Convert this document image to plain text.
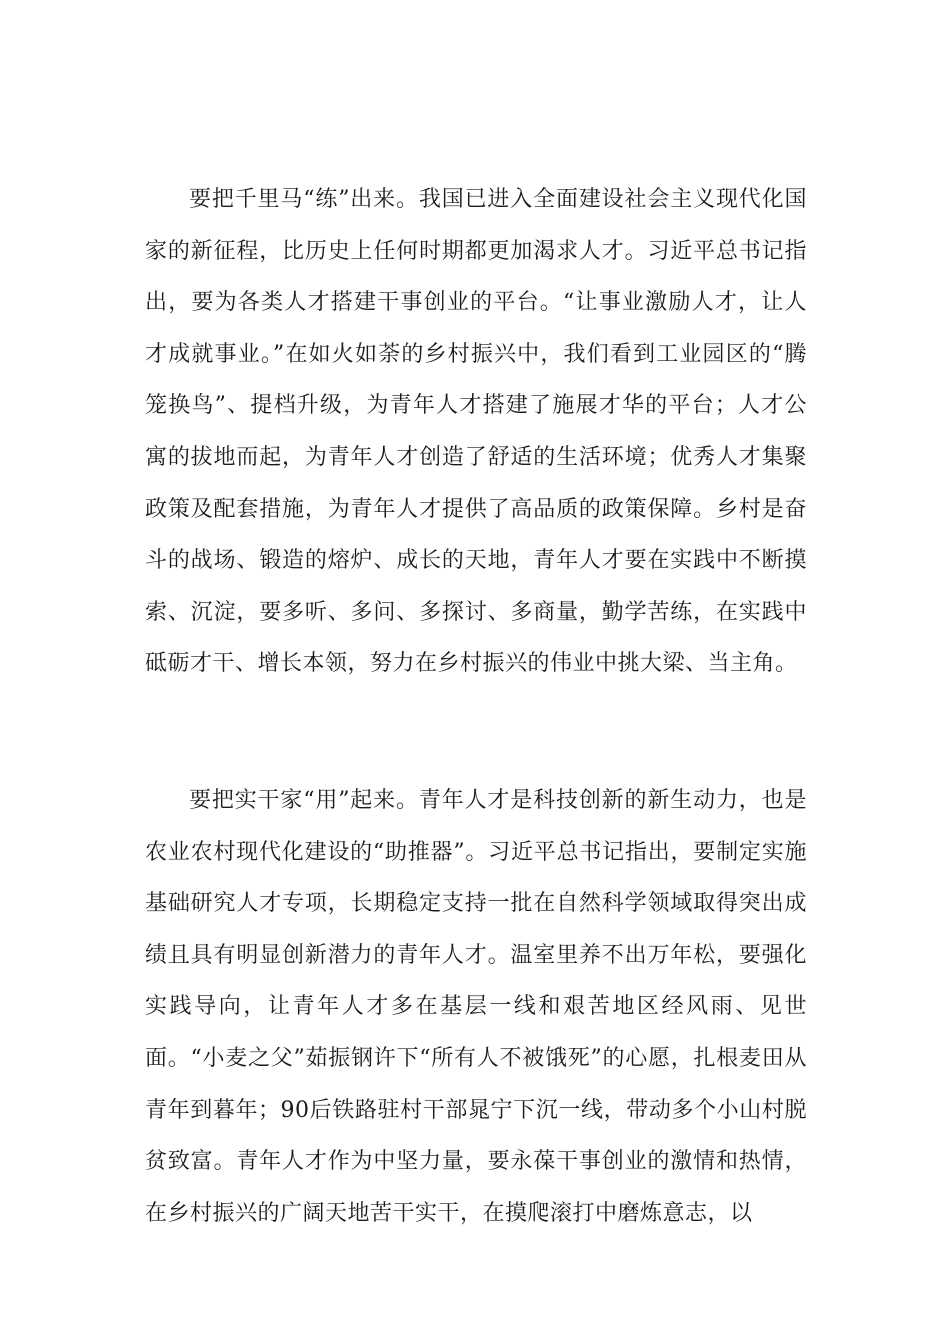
要把千里马“练”出来。我国已进入全面建设社会主义现代化国家的新征程，比历史上任何时期都更加渴求人才。习近平总书记指出，要为各类人才搭建干事创业的平台。“让事业激励人才，让人才成就事业。”在如火如荼的乡村振兴中，我们看到工业园区的“腾笼换鸟”、提档升级，为青年人才搭建了施展才华的平台；人才公寓的拔地而起，为青年人才创造了舒适的生活环境；优秀人才集聚政策及配套措施，为青年人才提供了高品质的政策保障。乡村是奋斗的战场、锻造的熔炉、成长的天地，青年人才要在实践中不断摸索、沉淀，要多听、多问、多探讨、多商量，勤学苦练，在实践中砥砺才干、增长本领，努力在乡村振兴的伟业中挑大梁、当主角。

要把实干家“用”起来。青年人才是科技创新的新生动力，也是农业农村现代化建设的“助推器”。习近平总书记指出，要制定实施基础研究人才专项，长期稳定支持一批在自然科学领域取得突出成绩且具有明显创新潜力的青年人才。温室里养不出万年松，要强化实践导向，让青年人才多在基层一线和艰苦地区经风雨、见世面。“小麦之父”茹振钢许下“所有人不被饿死”的心愿，扎根麦田从青年到暮年；90后铁路驻村干部晁宁下沉一线，带动多个小山村脱贫致富。青年人才作为中坚力量，要永葆干事创业的激情和热情，在乡村振兴的广阔天地苦干实干，在摸爬滚打中磨炼意志，以
